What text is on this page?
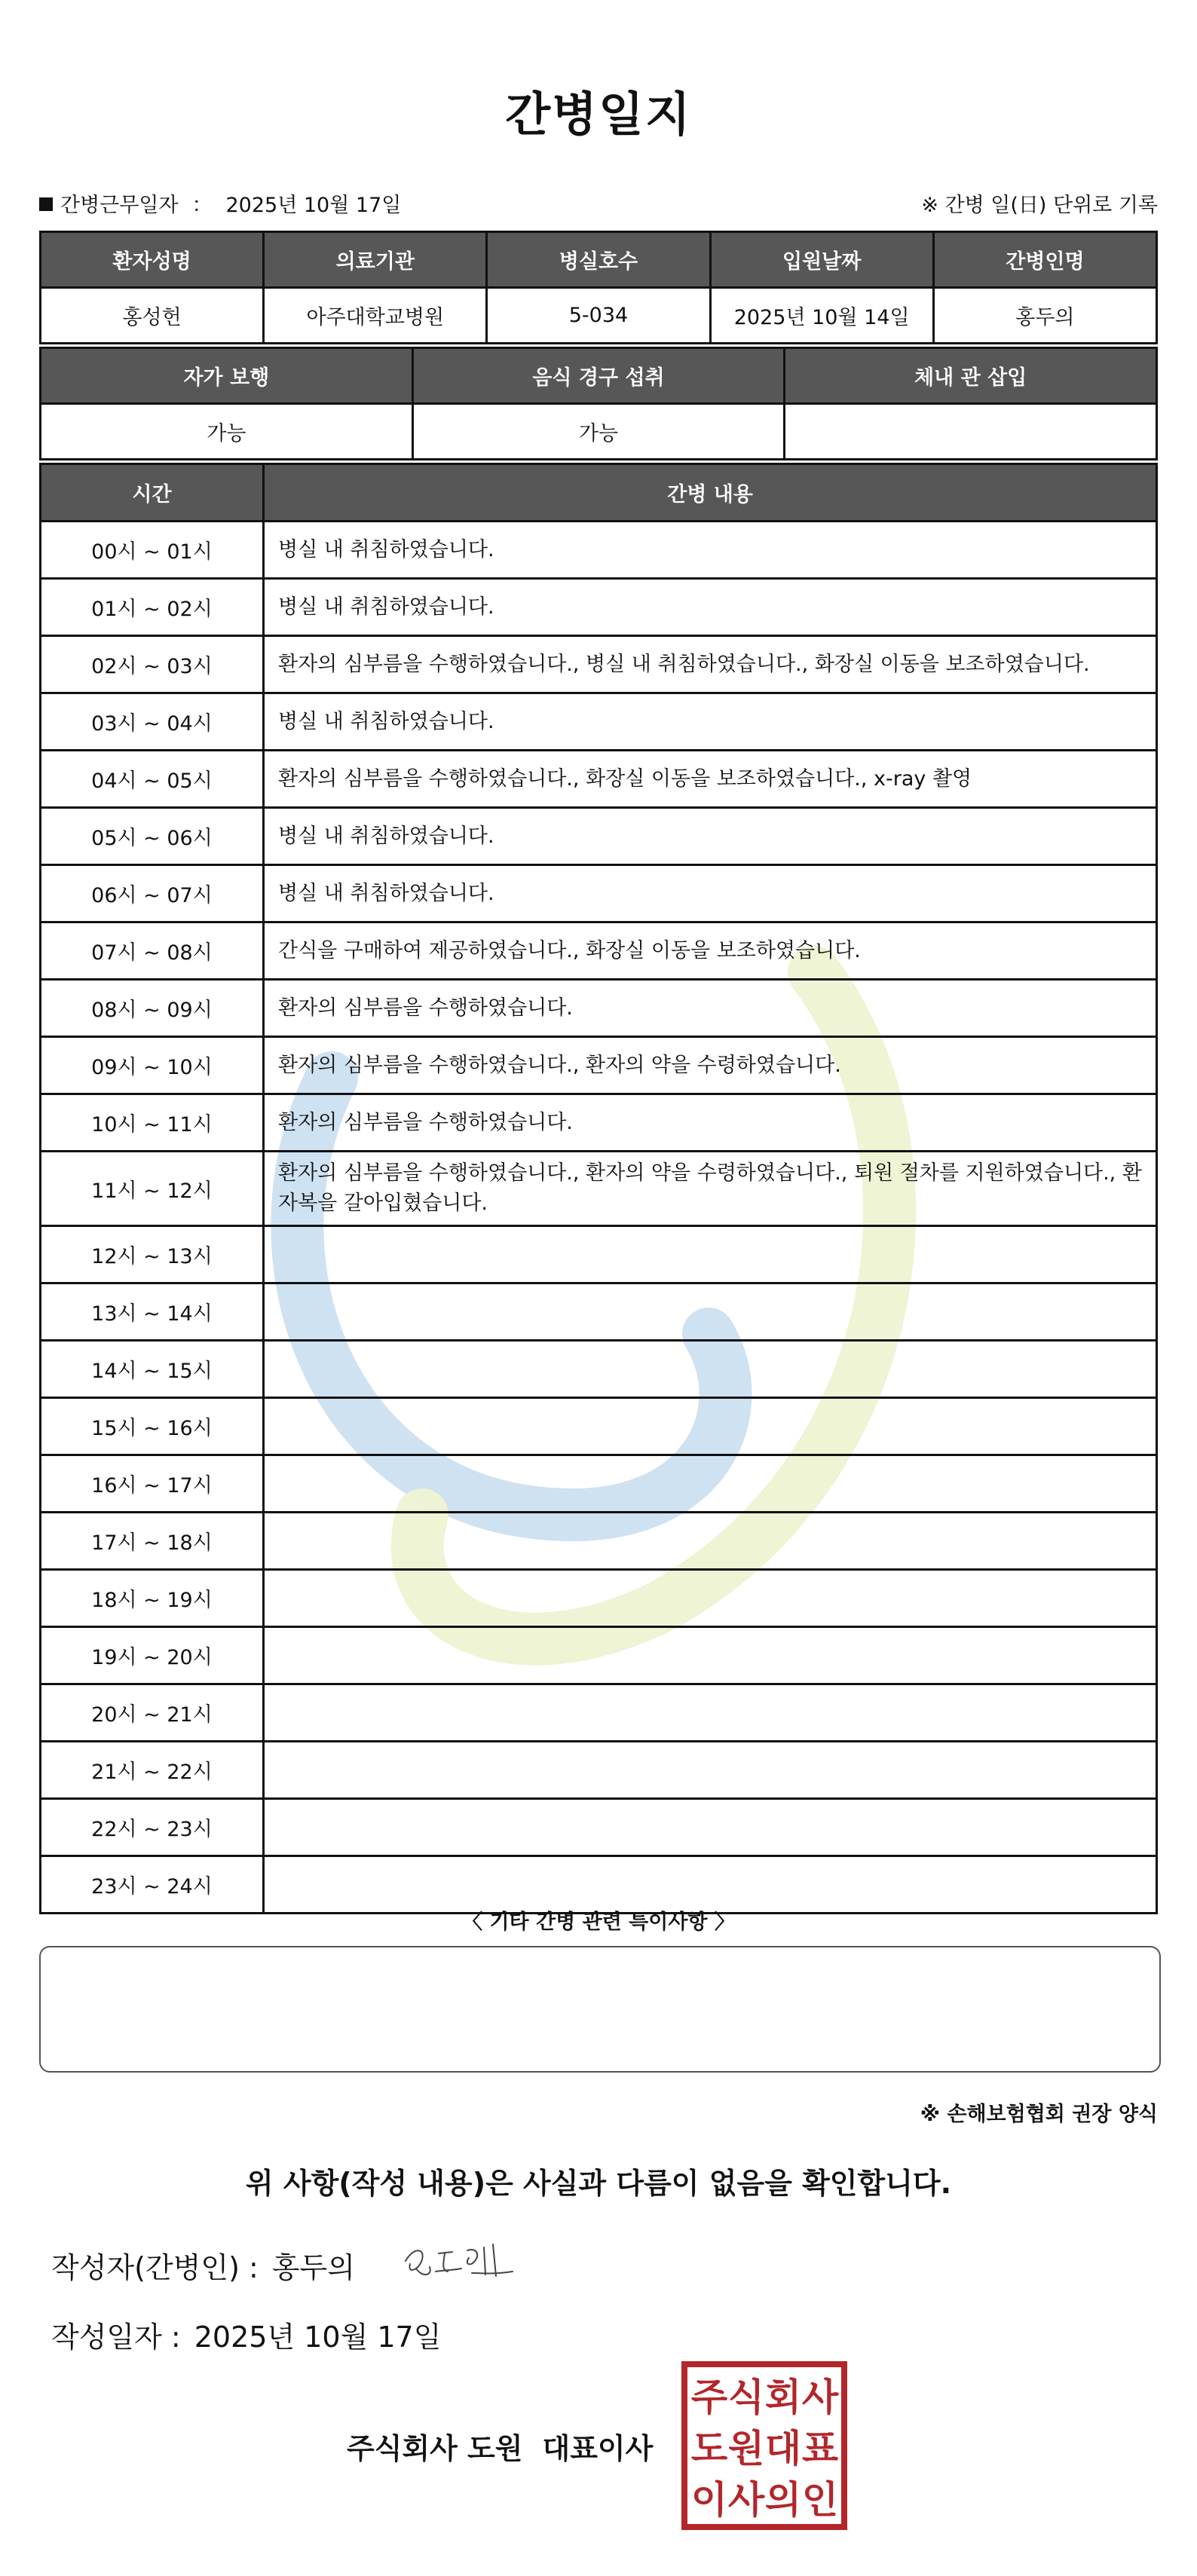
간병일지
간병근무일자 ： 2025년 10월 17일	※ 간병 일(日) 단위로 기록
환자성명	의료기관	병실호수	입원날짜	간병인명
홍성헌	아주대학교병원	5-034	2025년 10월 14일	홍두의
자가 보행	음식 경구 섭취	체내 관 삽입
가능	가능	
시간	간병 내용
00시 ~ 01시	병실 내 취침하였습니다.
01시 ~ 02시	병실 내 취침하였습니다.
02시 ~ 03시	환자의 심부름을 수행하였습니다., 병실 내 취침하였습니다., 화장실 이동을 보조하였습니다.
03시 ~ 04시	병실 내 취침하였습니다.
04시 ~ 05시	환자의 심부름을 수행하였습니다., 화장실 이동을 보조하였습니다., x-ray 촬영
05시 ~ 06시	병실 내 취침하였습니다.
06시 ~ 07시	병실 내 취침하였습니다.
07시 ~ 08시	간식을 구매하여 제공하였습니다., 화장실 이동을 보조하였습니다.
08시 ~ 09시	환자의 심부름을 수행하였습니다.
09시 ~ 10시	환자의 심부름을 수행하였습니다., 환자의 약을 수령하였습니다.
10시 ~ 11시	환자의 심부름을 수행하였습니다.
11시 ~ 12시	환자의 심부름을 수행하였습니다., 환자의 약을 수령하였습니다., 퇴원 절차를 지원하였습니다., 환자복을 갈아입혔습니다.
12시 ~ 13시	
13시 ~ 14시	
14시 ~ 15시	
15시 ~ 16시	
16시 ~ 17시	
17시 ~ 18시	
18시 ~ 19시	
19시 ~ 20시	
20시 ~ 21시	
21시 ~ 22시	
22시 ~ 23시	
23시 ~ 24시	
〈 기타 간병 관련 특이사항 〉
※ 손해보험협회 권장 양식
위 사항(작성 내용)은 사실과 다름이 없음을 확인합니다.
작성자(간병인) : 홍두의
작성일자 : 2025년 10월 17일
주식회사 도원 대표이사
주 식 회 사
도 원 대 표
이 사 의 인
